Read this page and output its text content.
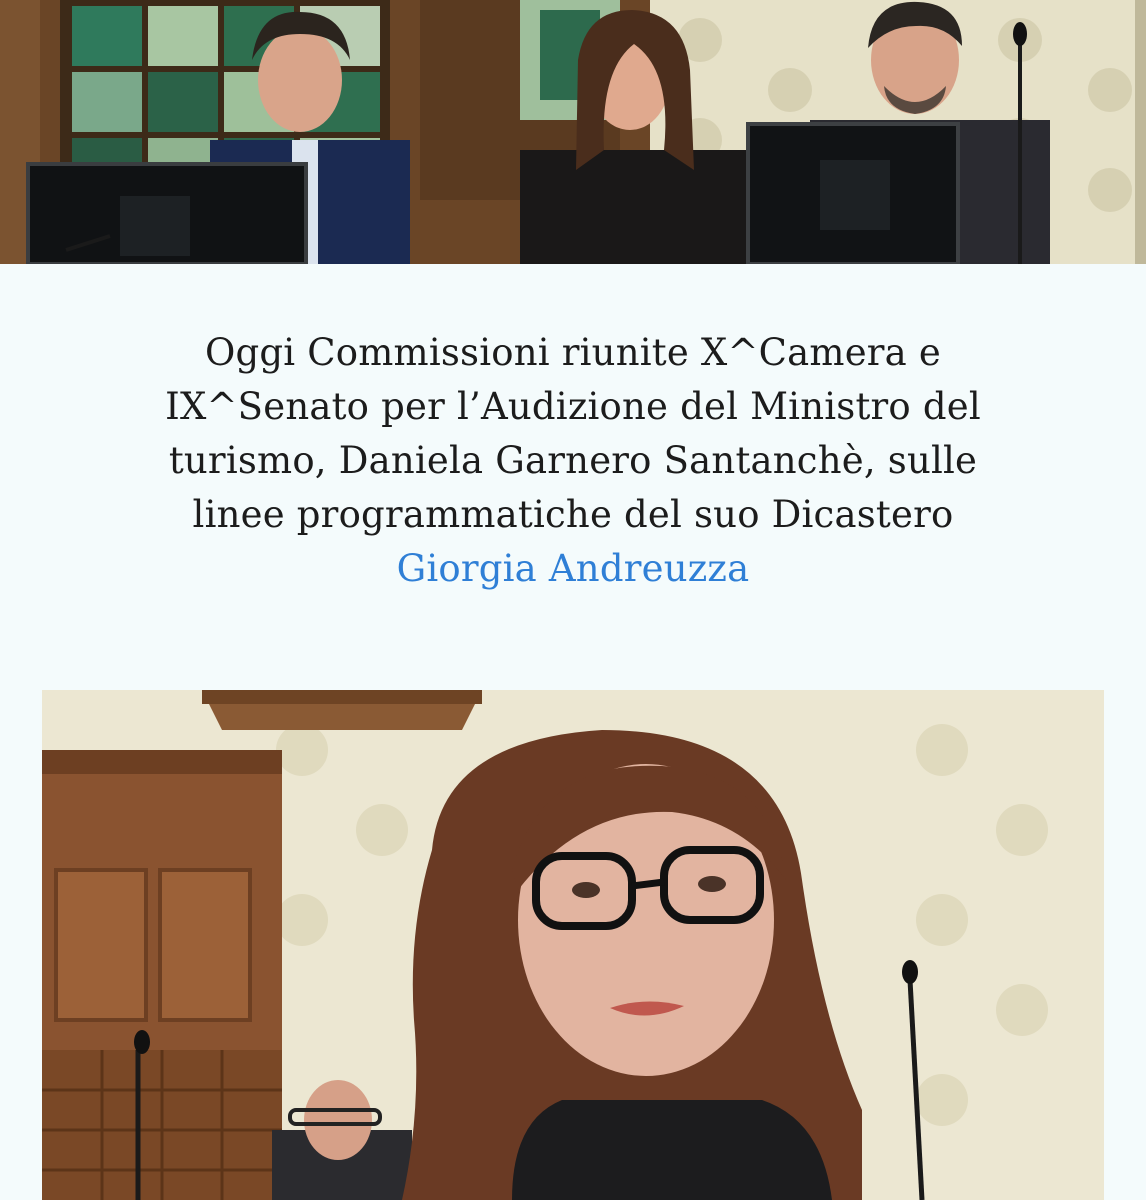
Oggi Commissioni riunite X^Camera e
IX^Senato per l’Audizione del Ministro del
turismo, Daniela Garnero Santanchè, sulle
linee programmatiche del suo Dicastero
Giorgia Andreuzza
